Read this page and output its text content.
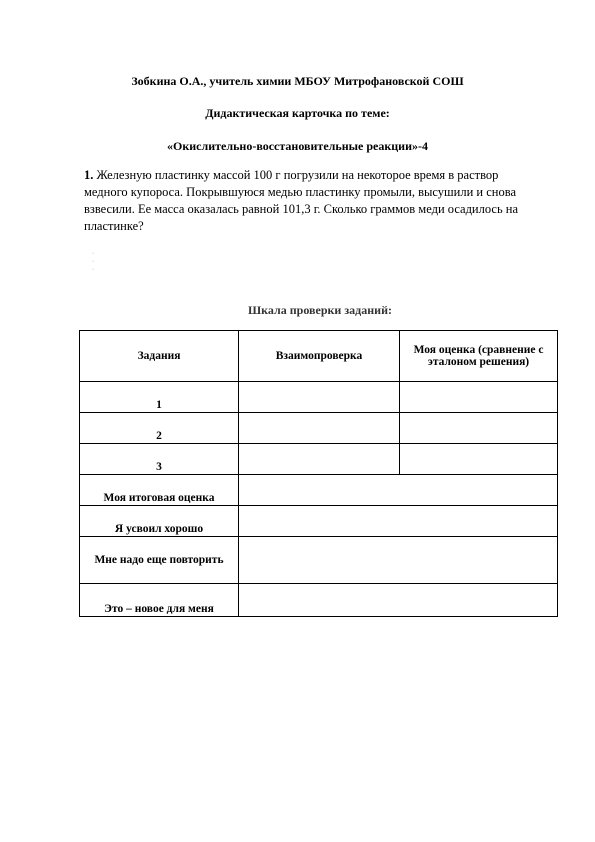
Зобкина О.А., учитель химии МБОУ Митрофановской СОШ
Дидактическая карточка по теме:
«Окислительно-восстановительные реакции»-4
1. Железную пластинку массой 100 г погрузили на некоторое время в раствор медного купороса. Покрывшуюся медью пластинку промыли, высушили и снова взвесили. Ее масса оказалась равной 101,3 г. Сколько граммов меди осадилось на пластинке?
·
·
·
Шкала проверки заданий:
Задания	Взаимопроверка	Моя оценка (сравнение с эталоном решения)
1		
2		
3		
Моя итоговая оценка		
Я усвоил хорошо		
Мне надо еще повторить		
Это – новое для меня		
